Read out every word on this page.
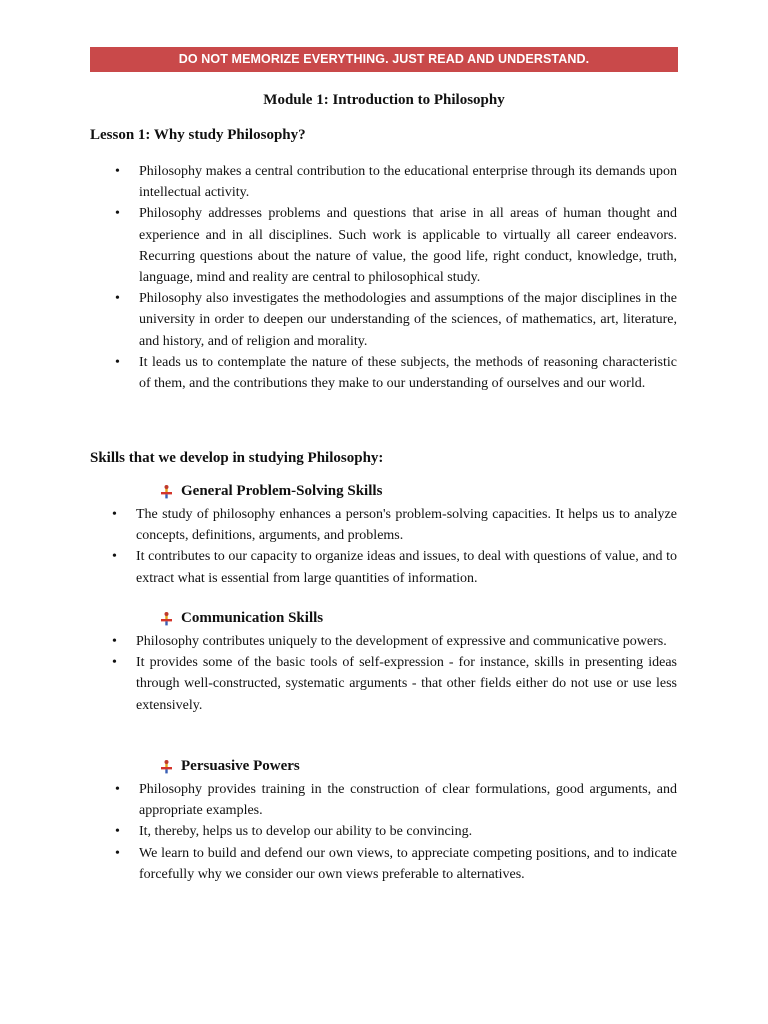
DO NOT MEMORIZE EVERYTHING. JUST READ AND UNDERSTAND.
Module 1: Introduction to Philosophy
Lesson 1: Why study Philosophy?
• Philosophy makes a central contribution to the educational enterprise through its demands upon intellectual activity.
• Philosophy addresses problems and questions that arise in all areas of human thought and experience and in all disciplines. Such work is applicable to virtually all career endeavors. Recurring questions about the nature of value, the good life, right conduct, knowledge, truth, language, mind and reality are central to philosophical study.
• Philosophy also investigates the methodologies and assumptions of the major disciplines in the university in order to deepen our understanding of the sciences, of mathematics, art, literature, and history, and of religion and morality.
• It leads us to contemplate the nature of these subjects, the methods of reasoning characteristic of them, and the contributions they make to our understanding of ourselves and our world.
Skills that we develop in studying Philosophy:
General Problem-Solving Skills
• The study of philosophy enhances a person's problem-solving capacities. It helps us to analyze concepts, definitions, arguments, and problems.
• It contributes to our capacity to organize ideas and issues, to deal with questions of value, and to extract what is essential from large quantities of information.
Communication Skills
• Philosophy contributes uniquely to the development of expressive and communicative powers.
• It provides some of the basic tools of self-expression - for instance, skills in presenting ideas through well-constructed, systematic arguments - that other fields either do not use or use less extensively.
Persuasive Powers
• Philosophy provides training in the construction of clear formulations, good arguments, and appropriate examples.
• It, thereby, helps us to develop our ability to be convincing.
• We learn to build and defend our own views, to appreciate competing positions, and to indicate forcefully why we consider our own views preferable to alternatives.
